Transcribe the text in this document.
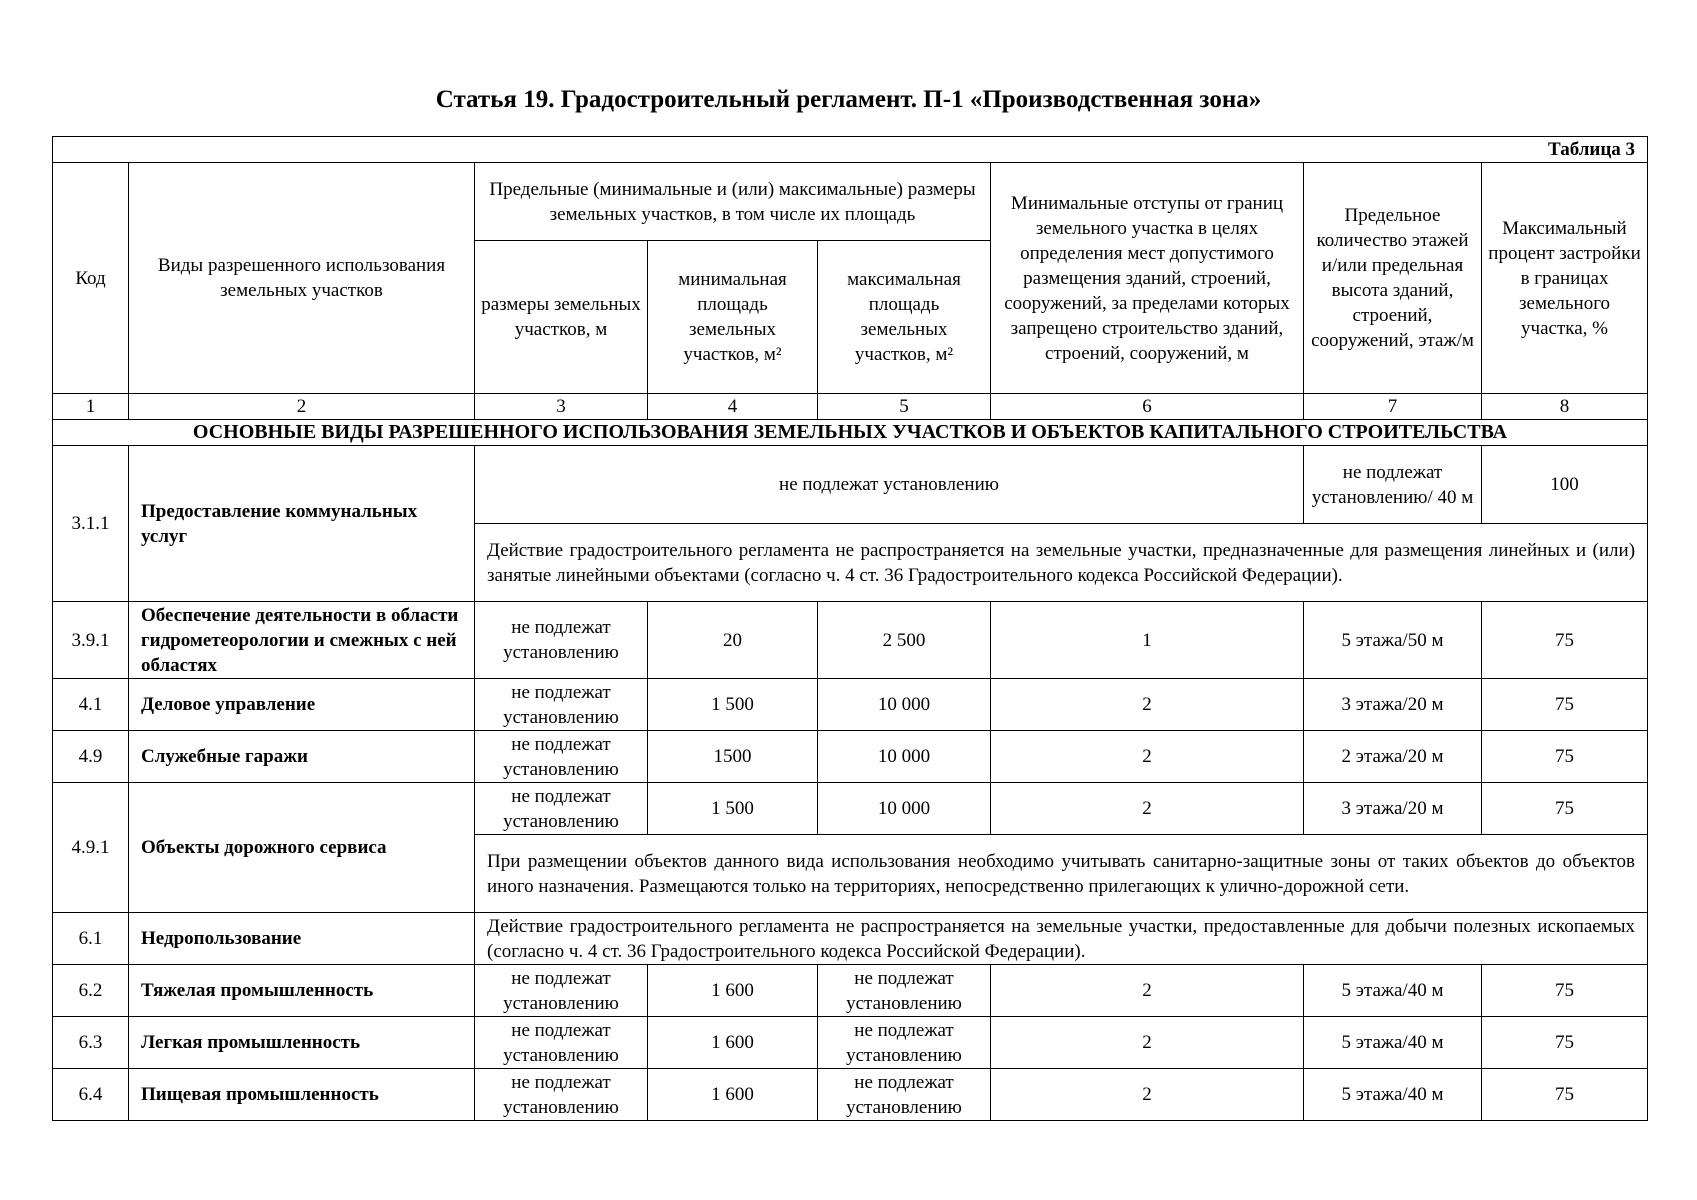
Статья 19. Градостроительный регламент. П-1 «Производственная зона»
Таблица 3							
Код	Виды разрешенного использования земельных участков	Предельные (минимальные и (или) максимальные) размеры земельных участков, в том числе их площадь			Минимальные отступы от границ земельного участка в целях определения мест допустимого размещения зданий, строений, сооружений, за пределами которых запрещено строительство зданий, строений, сооружений, м	Предельное количество этажей и/или предельная высота зданий, строений, сооружений, этаж/м	Максимальный процент застройки в границах земельного участка, %
		размеры земельных участков, м	минимальная площадь земельных участков, м²	максимальная площадь земельных участков, м²			
1	2	3	4	5	6	7	8
ОСНОВНЫЕ ВИДЫ РАЗРЕШЕННОГО ИСПОЛЬЗОВАНИЯ ЗЕМЕЛЬНЫХ УЧАСТКОВ И ОБЪЕКТОВ КАПИТАЛЬНОГО СТРОИТЕЛЬСТВА							
3.1.1	Предоставление коммунальных услуг	не подлежат установлению				не подлежат установлению/ 40 м	100
		Действие градостроительного регламента не распространяется на земельные участки, предназначенные для размещения линейных и (или) занятые линейными объектами (согласно ч. 4 ст. 36 Градостроительного кодекса Российской Федерации).					
3.9.1	Обеспечение деятельности в области гидрометеорологии и смежных с ней областях	не подлежат установлению	20	2 500	1	5 этажа/50 м	75
4.1	Деловое управление	не подлежат установлению	1 500	10 000	2	3 этажа/20 м	75
4.9	Служебные гаражи	не подлежат установлению	1500	10 000	2	2 этажа/20 м	75
4.9.1	Объекты дорожного сервиса	не подлежат установлению	1 500	10 000	2	3 этажа/20 м	75
		При размещении объектов данного вида использования необходимо учитывать санитарно-защитные зоны от таких объектов до объектов иного назначения. Размещаются только на территориях, непосредственно прилегающих к улично-дорожной сети.					
6.1	Недропользование	Действие градостроительного регламента не распространяется на земельные участки, предоставленные для добычи полезных ископаемых (согласно ч. 4 ст. 36 Градостроительного кодекса Российской Федерации).					
6.2	Тяжелая промышленность	не подлежат установлению	1 600	не подлежат установлению	2	5 этажа/40 м	75
6.3	Легкая промышленность	не подлежат установлению	1 600	не подлежат установлению	2	5 этажа/40 м	75
6.4	Пищевая промышленность	не подлежат установлению	1 600	не подлежат установлению	2	5 этажа/40 м	75
